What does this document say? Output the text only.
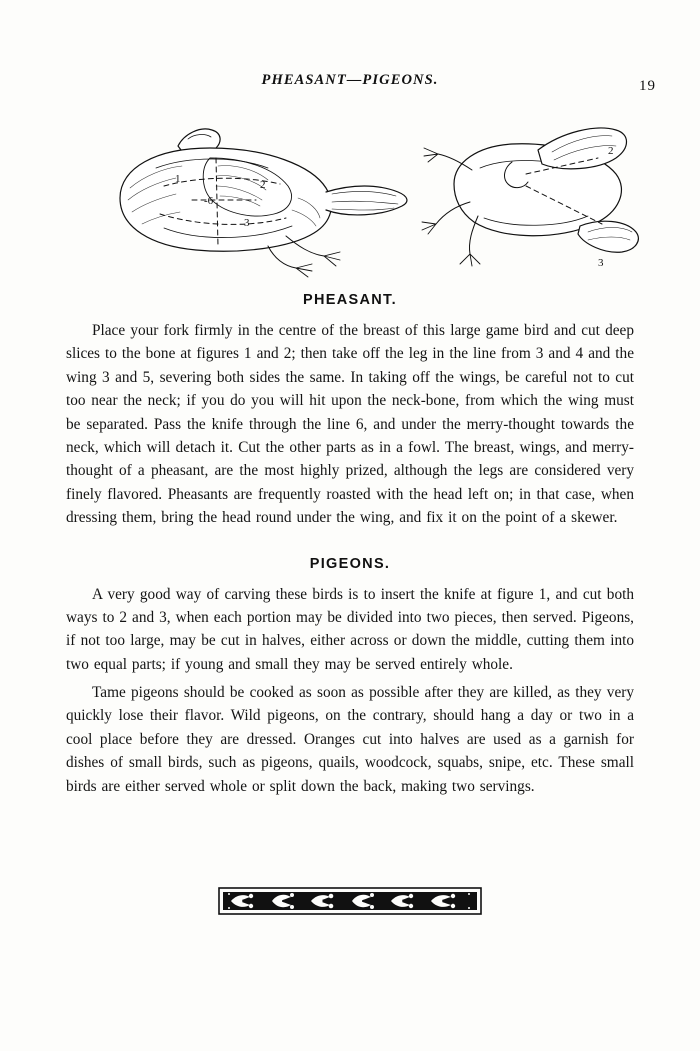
PHEASANT—PIGEONS.	19
1	2
-6
3
2
3
PHEASANT.

Place your fork firmly in the centre of the breast of this large game bird and cut deep slices to the bone at figures 1 and 2; then take off the leg in the line from 3 and 4 and the wing 3 and 5, severing both sides the same. In taking off the wings, be careful not to cut too near the neck; if you do you will hit upon the neck-bone, from which the wing must be separated. Pass the knife through the line 6, and under the merry-thought towards the neck, which will detach it. Cut the other parts as in a fowl. The breast, wings, and merry-thought of a pheasant, are the most highly prized, although the legs are considered very finely flavored. Pheasants are frequently roasted with the head left on; in that case, when dressing them, bring the head round under the wing, and fix it on the point of a skewer.

PIGEONS.

A very good way of carving these birds is to insert the knife at figure 1, and cut both ways to 2 and 3, when each portion may be divided into two pieces, then served. Pigeons, if not too large, may be cut in halves, either across or down the middle, cutting them into two equal parts; if young and small they may be served entirely whole.

Tame pigeons should be cooked as soon as possible after they are killed, as they very quickly lose their flavor. Wild pigeons, on the contrary, should hang a day or two in a cool place before they are dressed. Oranges cut into halves are used as a garnish for dishes of small birds, such as pigeons, quails, woodcock, squabs, snipe, etc. These small birds are either served whole or split down the back, making two servings.
